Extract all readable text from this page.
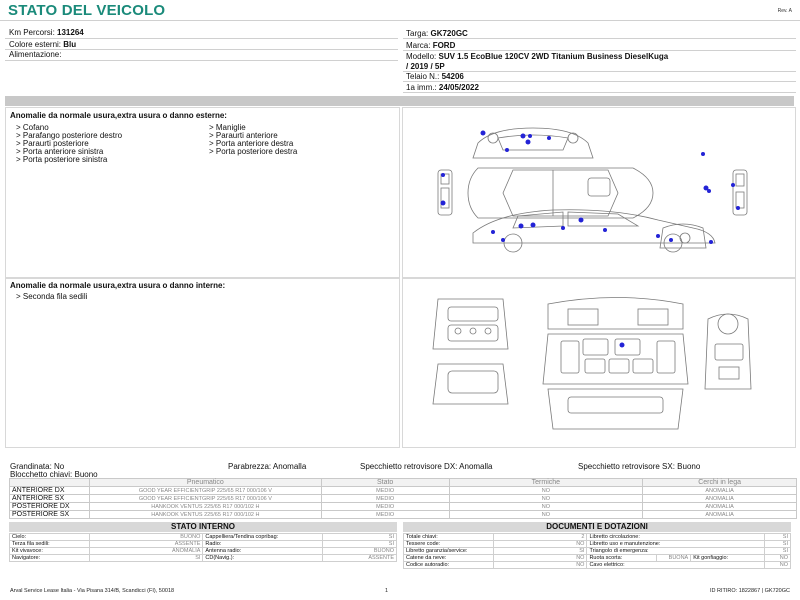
STATO DEL VEICOLO	Rev. A
Km Percorsi: 131264
Colore esterni: Blu
Alimentazione:
Targa: GK720GC
Marca: FORD
Modello: SUV 1.5 EcoBlue 120CV 2WD Titanium Business DieselKuga
/ 2019 / 5P
Telaio N.: 54206
1a imm.: 24/05/2022
Anomalie da normale usura,extra usura o danno esterne:
> Cofano
> Parafango posteriore destro
> Paraurti posteriore
> Porta anteriore sinistra
> Porta posteriore sinistra
> Maniglie
> Paraurti anteriore
> Porta anteriore destra
> Porta posteriore destra
Anomalie da normale usura,extra usura o danno interne:
> Seconda fila sedili
Grandinata: No
Blocchetto chiavi: Buono
Parabrezza: Anomalla	Specchietto retrovisore DX: Anomalla	Specchietto retrovisore SX: Buono
	Pneumatico	Stato	Termiche	Cerchi in lega
ANTERIORE DX	GOOD YEAR EFFICIENTGRIP 225/65 R17 000/106 V	MEDIO	NO	ANOMALIA
ANTERIORE SX	GOOD YEAR EFFICIENTGRIP 225/65 R17 000/106 V	MEDIO	NO	ANOMALIA
POSTERIORE DX	HANKOOK VENTUS 225/65 R17 000/102 H	MEDIO	NO	ANOMALIA
POSTERIORE SX	HANKOOK VENTUS 225/65 R17 000/102 H	MEDIO	NO	ANOMALIA
STATO INTERNO
Cielo:	BUONO	Cappelliera/Tendina copribag:	SI
Terza fila sedili:	ASSENTE	Radio:	SI
Kit vivavoce:	ANOMALIA	Antenna radio:	BUONO
Navigatore:	SI	CD(Navig.):	ASSENTE
DOCUMENTI E DOTAZIONI
Totale chiavi:	2	Libretto circolazione:			SI
Tessere code:	NO	Libretto uso e manutenzione:			SI
Libretto garanzia/service:	SI	Triangolo di emergenza:			SI
Catene da neve:	NO	Ruota scorta:	BUONA	Kit gonfiaggio:	NO
Codice autoradio:	NO	Cavo elettrico:			NO
Arval Service Lease Italia - Via Pisana 314/B, Scandicci (FI), 50018	1	ID RITIRO: 1822867 | GK720GC
